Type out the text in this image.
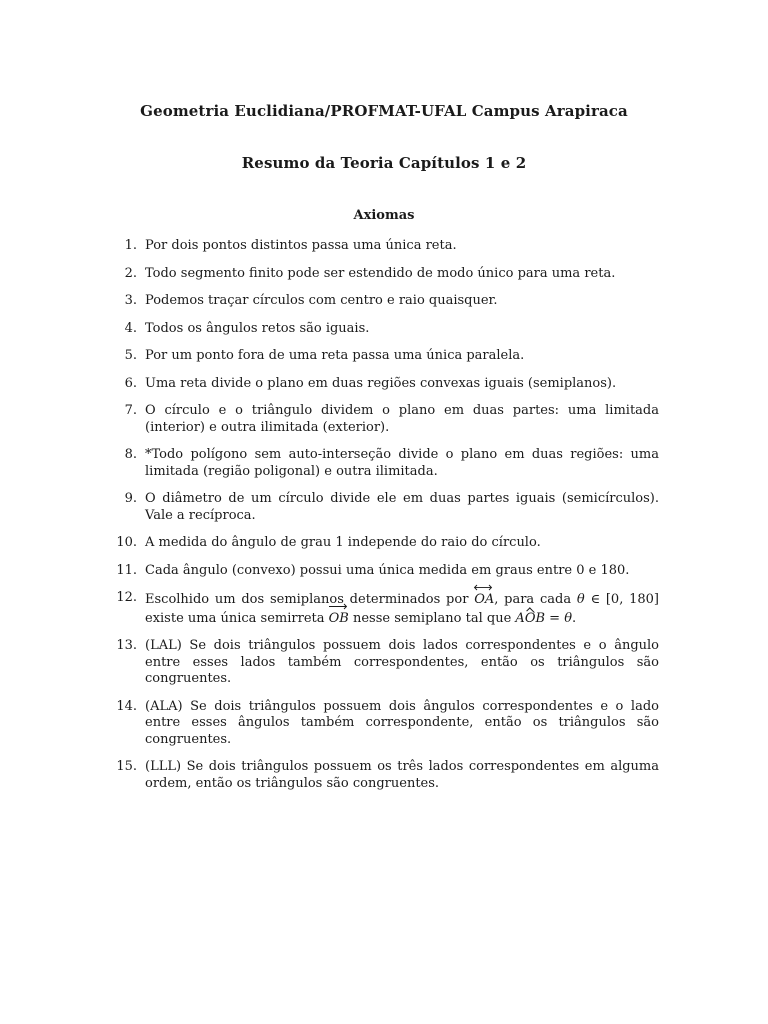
Geometria Euclidiana/PROFMAT-UFAL Campus Arapiraca
Resumo da Teoria Capítulos 1 e 2
Axiomas
1. Por dois pontos distintos passa uma única reta.
2. Todo segmento finito pode ser estendido de modo único para uma reta.
3. Podemos traçar círculos com centro e raio quaisquer.
4. Todos os ângulos retos são iguais.
5. Por um ponto fora de uma reta passa uma única paralela.
6. Uma reta divide o plano em duas regiões convexas iguais (semiplanos).
7. O círculo e o triângulo dividem o plano em duas partes: uma limitada (interior) e outra ilimitada (exterior).
8. *Todo polígono sem auto-interseção divide o plano em duas regiões: uma limitada (região poligonal) e outra ilimitada.
9. O diâmetro de um círculo divide ele em duas partes iguais (semicírculos). Vale a recíproca.
10. A medida do ângulo de grau 1 independe do raio do círculo.
11. Cada ângulo (convexo) possui uma única medida em graus entre 0 e 180.
12. Escolhido um dos semiplanos determinados por
OA, para cada θ ∈ [0, 180] existe uma única semirreta
OB nesse semiplano tal que AOB = θ.
13. (LAL) Se dois triângulos possuem dois lados correspondentes e o ângulo entre esses lados também correspondentes, então os triângulos são congruentes.
14. (ALA) Se dois triângulos possuem dois ângulos correspondentes e o lado entre esses ângulos também correspondente, então os triângulos são congruentes.
15. (LLL) Se dois triângulos possuem os três lados correspondentes em alguma ordem, então os triângulos são congruentes.
